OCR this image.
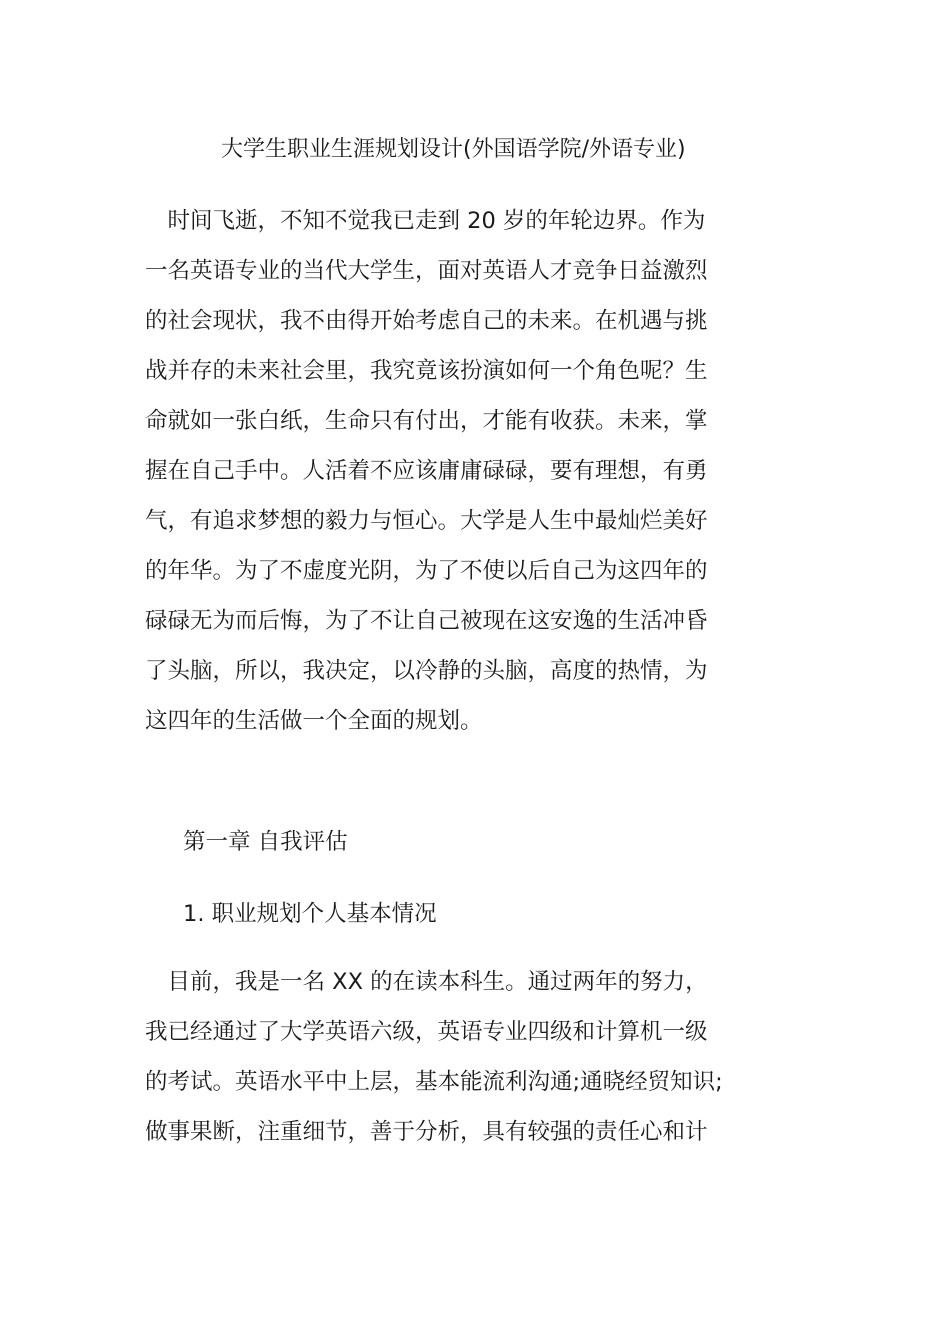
大学生职业生涯规划设计(外国语学院/外语专业)
　时间飞逝，不知不觉我已走到 20 岁的年轮边界。作为
一名英语专业的当代大学生，面对英语人才竞争日益激烈
的社会现状，我不由得开始考虑自己的未来。在机遇与挑
战并存的未来社会里，我究竟该扮演如何一个角色呢？生
命就如一张白纸，生命只有付出，才能有收获。未来，掌
握在自己手中。人活着不应该庸庸碌碌，要有理想，有勇
气，有追求梦想的毅力与恒心。大学是人生中最灿烂美好
的年华。为了不虚度光阴，为了不使以后自己为这四年的
碌碌无为而后悔，为了不让自己被现在这安逸的生活冲昏
了头脑，所以，我决定，以冷静的头脑，高度的热情，为
这四年的生活做一个全面的规划。
第一章 自我评估
1. 职业规划个人基本情况
　目前，我是一名 XX 的在读本科生。通过两年的努力，
我已经通过了大学英语六级，英语专业四级和计算机一级
的考试。英语水平中上层，基本能流利沟通;通晓经贸知识;
做事果断，注重细节，善于分析，具有较强的责任心和计
